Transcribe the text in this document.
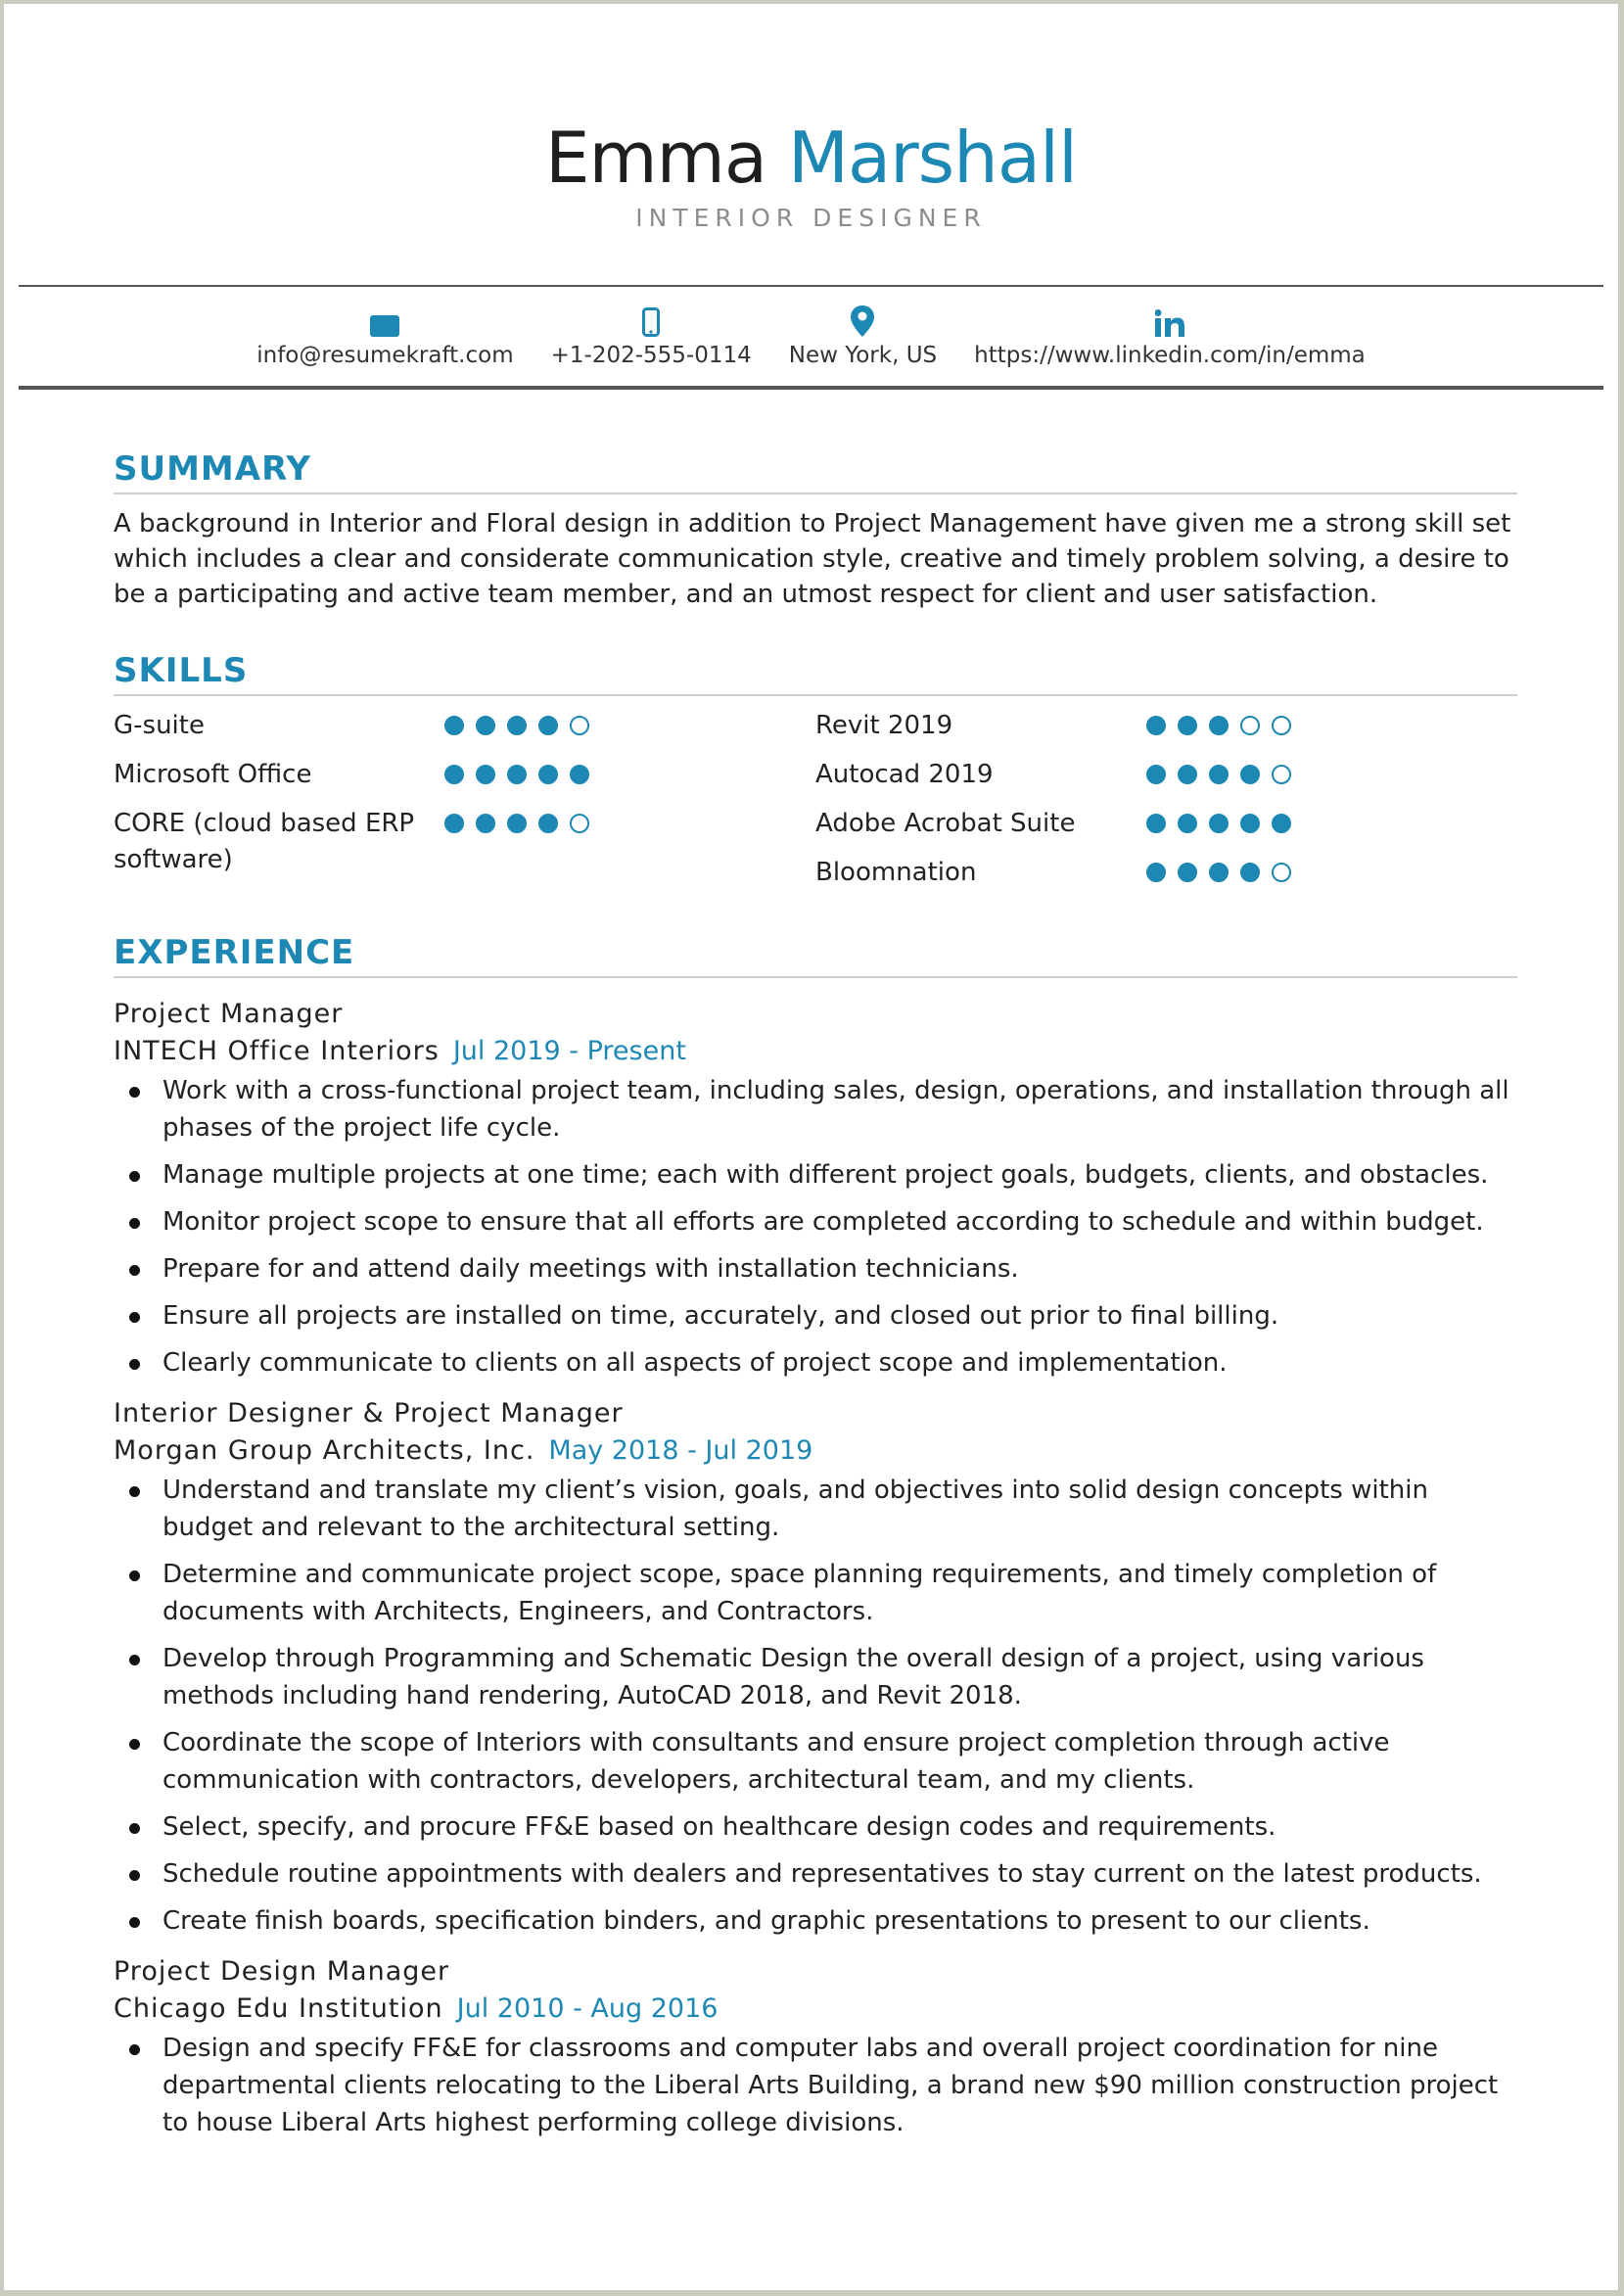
Emma Marshall
INTERIOR DESIGNER
info@resumekraft.com +1-202-555-0114 New York, US https://www.linkedin.com/in/emma
SUMMARY

A background in Interior and Floral design in addition to Project Management have given me a strong skill set which includes a clear and considerate communication style, creative and timely problem solving, a desire to be a participating and active team member, and an utmost respect for client and user satisfaction.

SKILLS
G-suite
Microsoft Office
CORE (cloud based ERP software)
Revit 2019
Autocad 2019
Adobe Acrobat Suite
Bloomnation
EXPERIENCE
Project Manager
INTECH Office Interiors Jul 2019 - Present
Work with a cross-functional project team, including sales, design, operations, and installation through all phases of the project life cycle.
Manage multiple projects at one time; each with different project goals, budgets, clients, and obstacles.
Monitor project scope to ensure that all efforts are completed according to schedule and within budget.
Prepare for and attend daily meetings with installation technicians.
Ensure all projects are installed on time, accurately, and closed out prior to final billing.
Clearly communicate to clients on all aspects of project scope and implementation.
Interior Designer & Project Manager
Morgan Group Architects, Inc. May 2018 - Jul 2019
Understand and translate my client’s vision, goals, and objectives into solid design concepts within budget and relevant to the architectural setting.
Determine and communicate project scope, space planning requirements, and timely completion of documents with Architects, Engineers, and Contractors.
Develop through Programming and Schematic Design the overall design of a project, using various methods including hand rendering, AutoCAD 2018, and Revit 2018.
Coordinate the scope of Interiors with consultants and ensure project completion through active communication with contractors, developers, architectural team, and my clients.
Select, specify, and procure FF&E based on healthcare design codes and requirements.
Schedule routine appointments with dealers and representatives to stay current on the latest products.
Create finish boards, specification binders, and graphic presentations to present to our clients.
Project Design Manager
Chicago Edu Institution Jul 2010 - Aug 2016
Design and specify FF&E for classrooms and computer labs and overall project coordination for nine departmental clients relocating to the Liberal Arts Building, a brand new $90 million construction project to house Liberal Arts highest performing college divisions.
